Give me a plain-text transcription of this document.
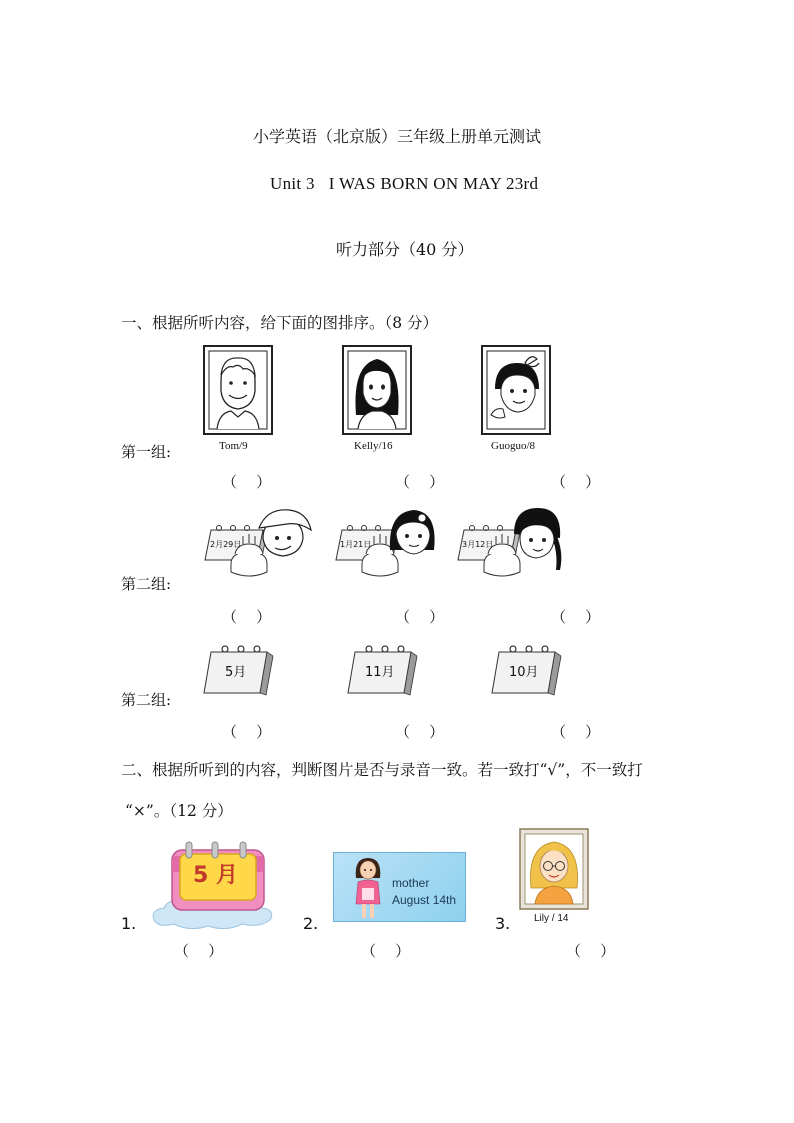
小学英语（北京版）三年级上册单元测试
Unit 3 I WAS BORN ON MAY 23rd
听力部分（40 分）
一、根据所听内容，给下面的图排序。（8 分）
第一组:	Tom/9	Kelly/16	Guoguo/8
（    ）	（    ）	（    ）
第二组:
2月29日	1月21日	3月12日
（    ）	（    ）	（    ）
第二组:
5月	11月	10月
（    ）	（    ）	（    ）
二、根据所听到的内容，判断图片是否与录音一致。若一致打“√”，不一致打
“×”。（12 分）
1.
5 月
（    ）
2.
mother
August 14th
（    ）
3. Lily / 14
（    ）
